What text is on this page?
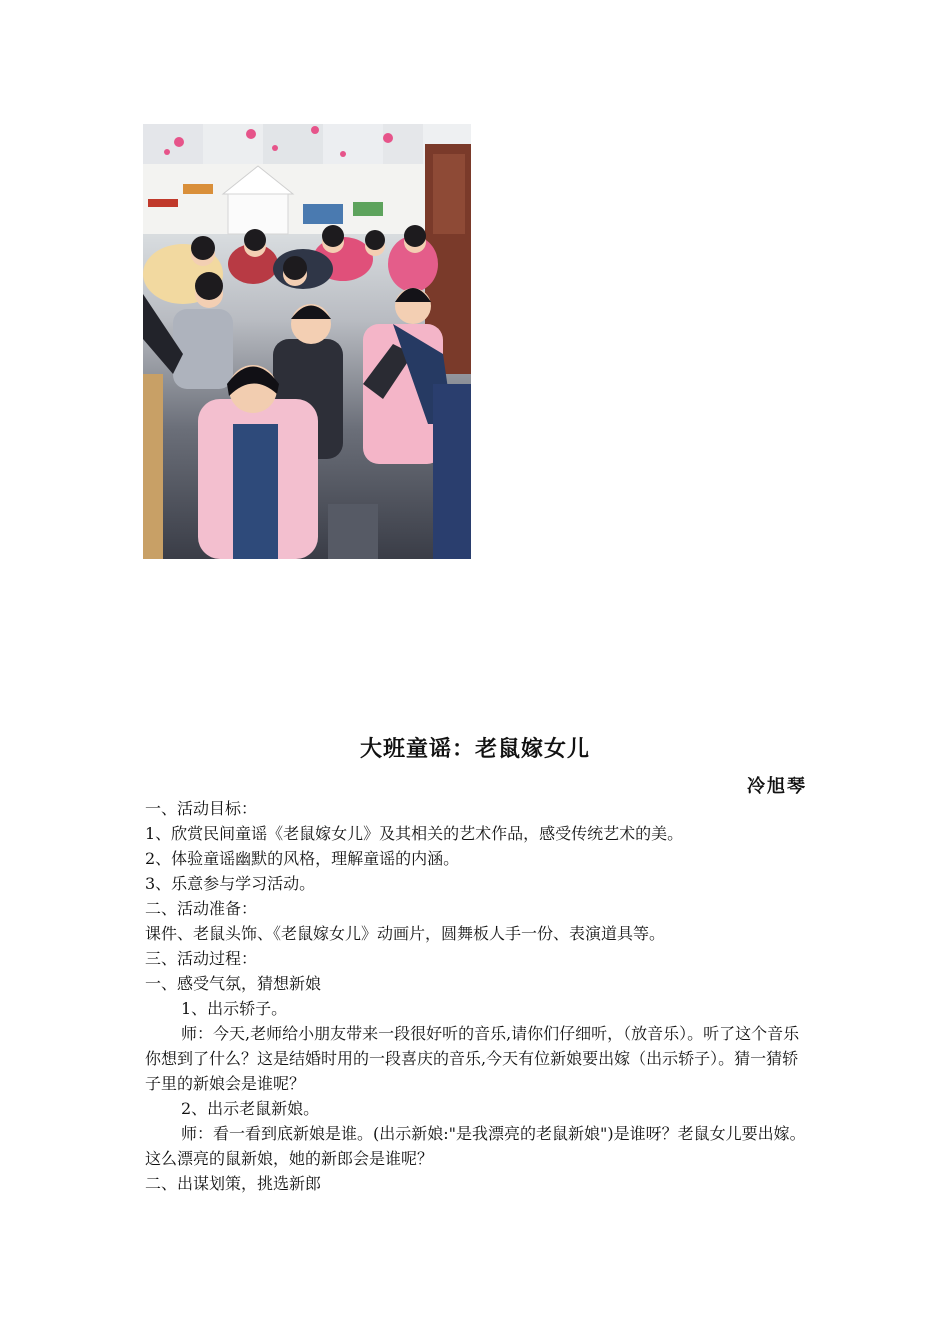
大班童谣：老鼠嫁女儿
冷旭琴

一、活动目标：

1、欣赏民间童谣《老鼠嫁女儿》及其相关的艺术作品，感受传统艺术的美。

2、体验童谣幽默的风格，理解童谣的内涵。

3、乐意参与学习活动。

二、活动准备：

课件、老鼠头饰、《老鼠嫁女儿》动画片，圆舞板人手一份、表演道具等。

三、活动过程：

一、感受气氛，猜想新娘

1、出示轿子。

师：今天,老师给小朋友带来一段很好听的音乐,请你们仔细听，（放音乐）。听了这个音乐你想到了什么？这是结婚时用的一段喜庆的音乐,今天有位新娘要出嫁（出示轿子）。猜一猜轿子里的新娘会是谁呢？

2、出示老鼠新娘。

师：看一看到底新娘是谁。(出示新娘:"是我漂亮的老鼠新娘")是谁呀？老鼠女儿要出嫁。这么漂亮的鼠新娘，她的新郎会是谁呢？

二、出谋划策，挑选新郎
